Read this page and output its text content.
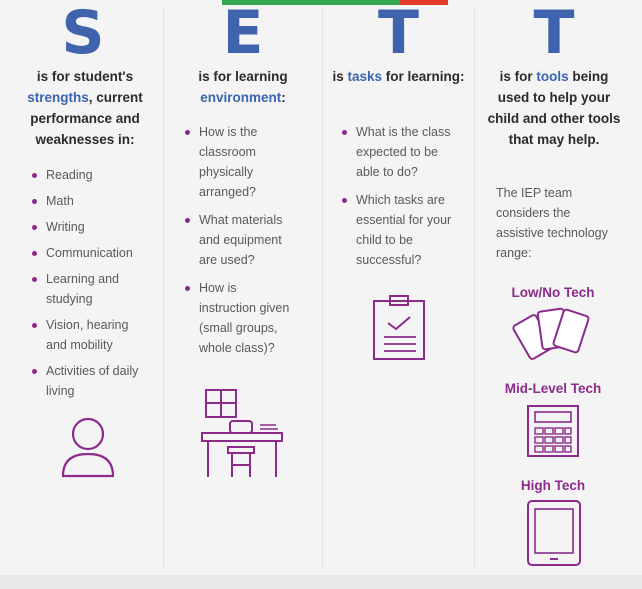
S
is for student's strengths, current performance and weaknesses in:
Reading
Math
Writing
Communication
Learning and studying
Vision, hearing and mobility
Activities of daily living
E
is for learning
environment:
How is the classroom physically arranged?
What materials and equipment are used?
How is instruction given (small groups, whole class)?
T
is tasks for learning:
What is the class expected to be able to do?
Which tasks are essential for your child to be successful?
T
is for tools being used to help your child and other tools that may help.
The IEP team considers the assistive technology range:
Low/No Tech
Mid-Level Tech
High Tech
